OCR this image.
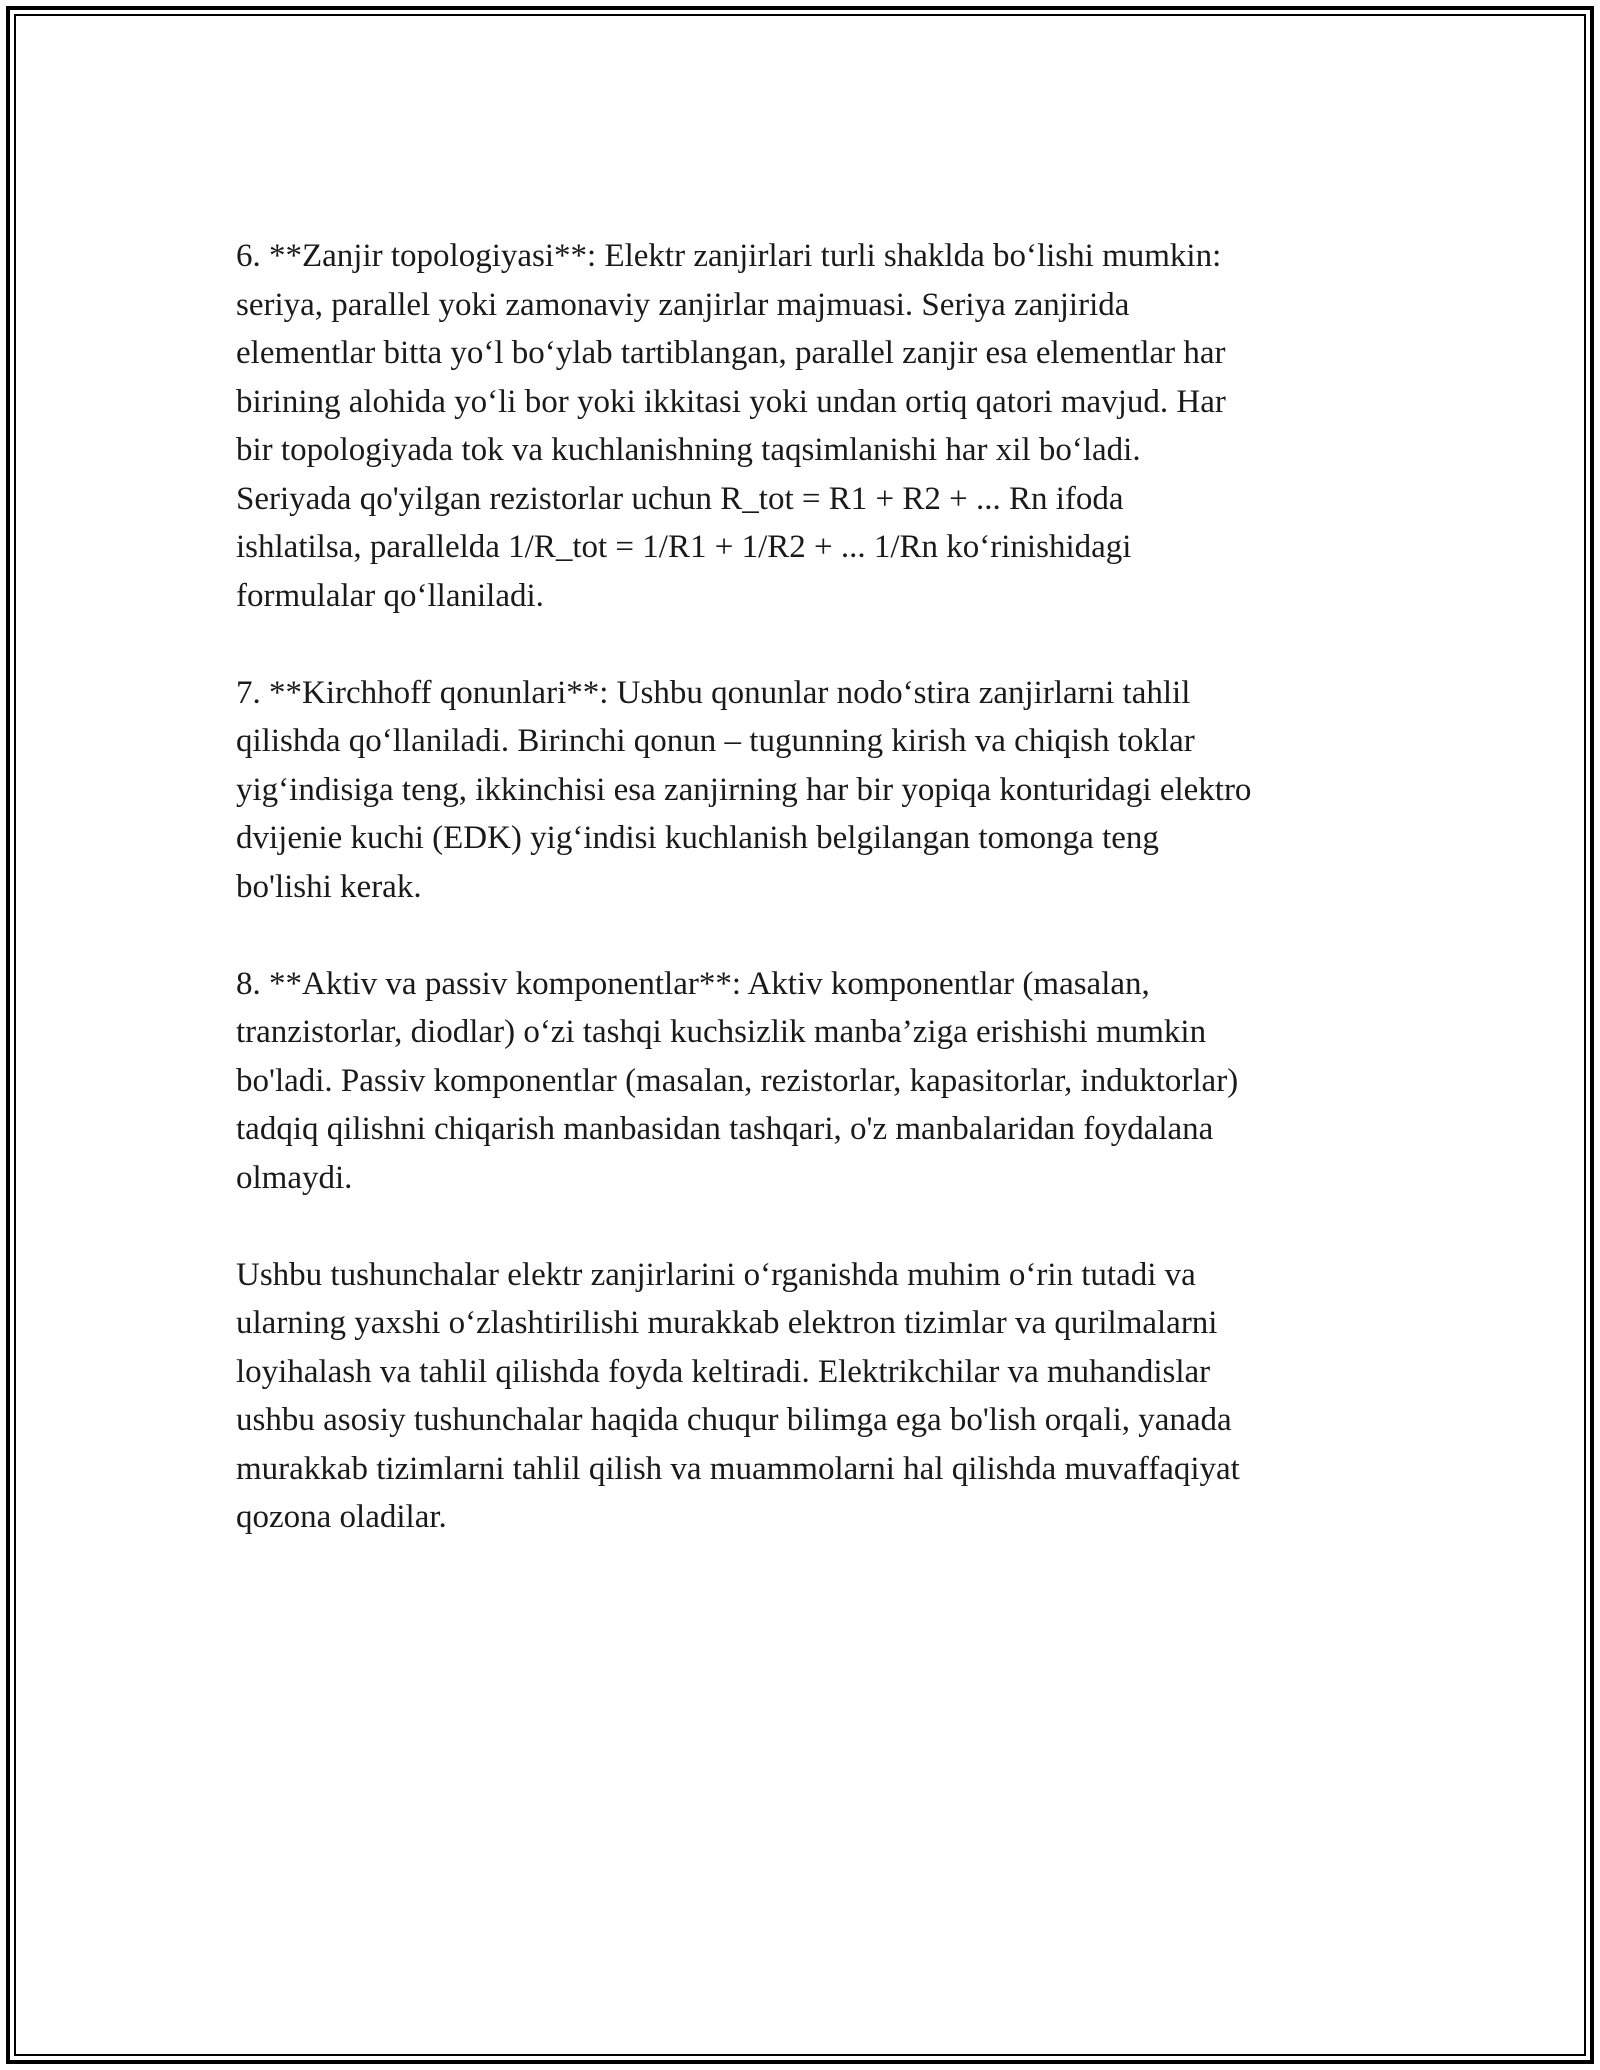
6. **Zanjir topologiyasi**: Elektr zanjirlari turli shaklda bo‘lishi mumkin:
seriya, parallel yoki zamonaviy zanjirlar majmuasi. Seriya zanjirida
elementlar bitta yo‘l bo‘ylab tartiblangan, parallel zanjir esa elementlar har
birining alohida yo‘li bor yoki ikkitasi yoki undan ortiq qatori mavjud. Har
bir topologiyada tok va kuchlanishning taqsimlanishi har xil bo‘ladi.
Seriyada qo'yilgan rezistorlar uchun R_tot = R1 + R2 + ... Rn ifoda
ishlatilsa, parallelda 1/R_tot = 1/R1 + 1/R2 + ... 1/Rn ko‘rinishidagi
formulalar qo‘llaniladi.

7. **Kirchhoff qonunlari**: Ushbu qonunlar nodo‘stira zanjirlarni tahlil
qilishda qo‘llaniladi. Birinchi qonun – tugunning kirish va chiqish toklar
yig‘indisiga teng, ikkinchisi esa zanjirning har bir yopiqa konturidagi elektro
dvijenie kuchi (EDK) yig‘indisi kuchlanish belgilangan tomonga teng
bo'lishi kerak.

8. **Aktiv va passiv komponentlar**: Aktiv komponentlar (masalan,
tranzistorlar, diodlar) o‘zi tashqi kuchsizlik manba’ziga erishishi mumkin
bo'ladi. Passiv komponentlar (masalan, rezistorlar, kapasitorlar, induktorlar)
tadqiq qilishni chiqarish manbasidan tashqari, o'z manbalaridan foydalana
olmaydi.

Ushbu tushunchalar elektr zanjirlarini o‘rganishda muhim o‘rin tutadi va
ularning yaxshi o‘zlashtirilishi murakkab elektron tizimlar va qurilmalarni
loyihalash va tahlil qilishda foyda keltiradi. Elektrikchilar va muhandislar
ushbu asosiy tushunchalar haqida chuqur bilimga ega bo'lish orqali, yanada
murakkab tizimlarni tahlil qilish va muammolarni hal qilishda muvaffaqiyat
qozona oladilar.
